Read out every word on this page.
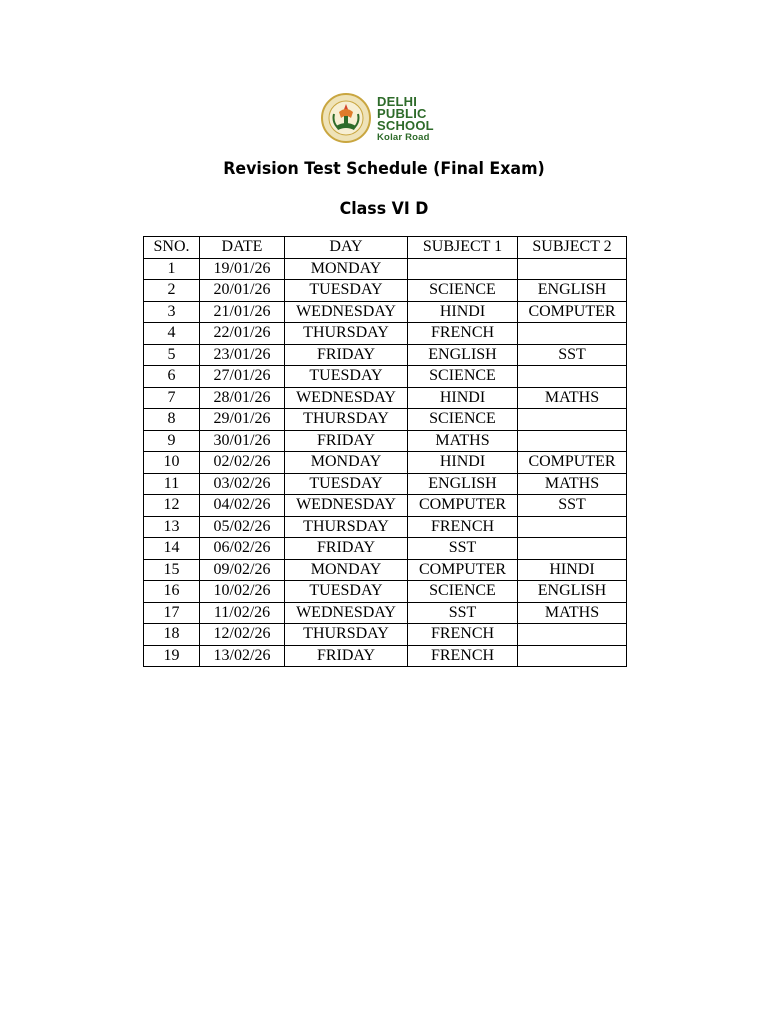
DELHI
PUBLIC
SCHOOL
Kolar Road
Revision Test Schedule (Final Exam)
Class VI D
SNO.	DATE	DAY	SUBJECT 1	SUBJECT 2
1	19/01/26	MONDAY		
2	20/01/26	TUESDAY	SCIENCE	ENGLISH
3	21/01/26	WEDNESDAY	HINDI	COMPUTER
4	22/01/26	THURSDAY	FRENCH	
5	23/01/26	FRIDAY	ENGLISH	SST
6	27/01/26	TUESDAY	SCIENCE	
7	28/01/26	WEDNESDAY	HINDI	MATHS
8	29/01/26	THURSDAY	SCIENCE	
9	30/01/26	FRIDAY	MATHS	
10	02/02/26	MONDAY	HINDI	COMPUTER
11	03/02/26	TUESDAY	ENGLISH	MATHS
12	04/02/26	WEDNESDAY	COMPUTER	SST
13	05/02/26	THURSDAY	FRENCH	
14	06/02/26	FRIDAY	SST	
15	09/02/26	MONDAY	COMPUTER	HINDI
16	10/02/26	TUESDAY	SCIENCE	ENGLISH
17	11/02/26	WEDNESDAY	SST	MATHS
18	12/02/26	THURSDAY	FRENCH	
19	13/02/26	FRIDAY	FRENCH	
